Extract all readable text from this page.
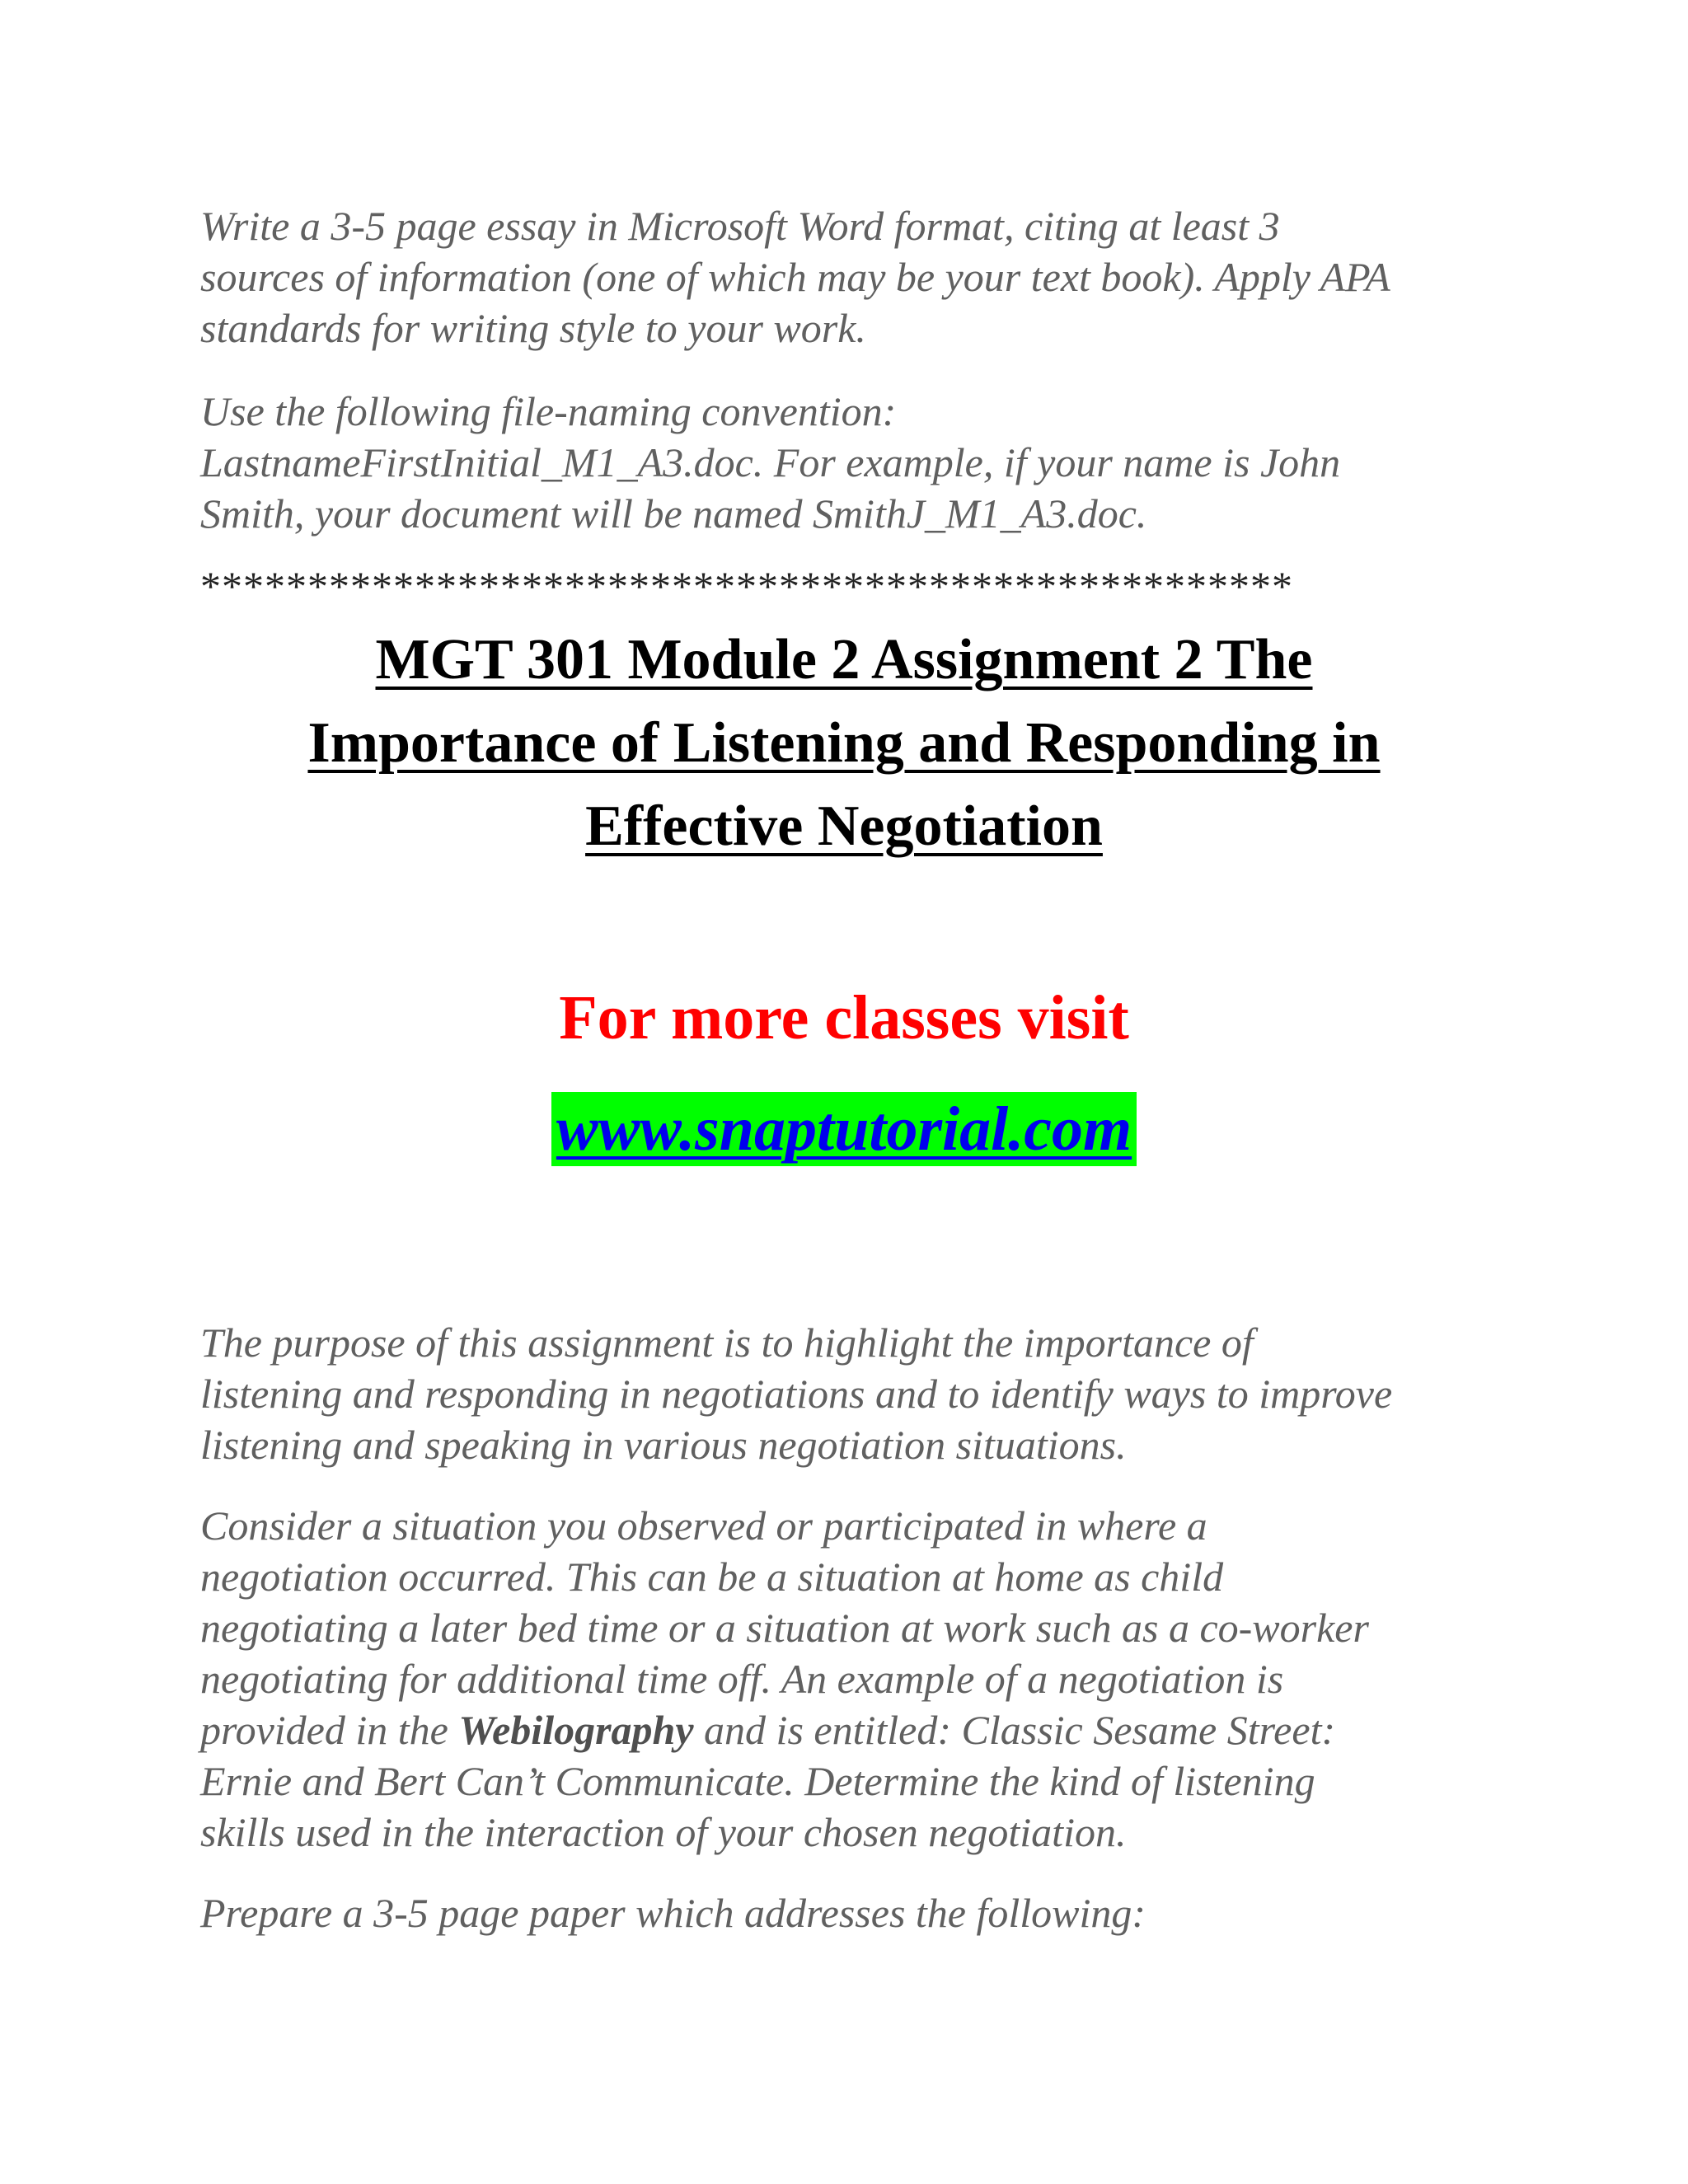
Write a 3-5 page essay in Microsoft Word format, citing at least 3
sources of information (one of which may be your text book). Apply APA
standards for writing style to your work.

Use the following file-naming convention:
LastnameFirstInitial_M1_A3.doc. For example, if your name is John
Smith, your document will be named SmithJ_M1_A3.doc.

***************************************************
MGT 301 Module 2 Assignment 2 The
Importance of Listening and Responding in
Effective Negotiation
For more classes visit
www.snaptutorial.com

The purpose of this assignment is to highlight the importance of
listening and responding in negotiations and to identify ways to improve
listening and speaking in various negotiation situations.

Consider a situation you observed or participated in where a
negotiation occurred. This can be a situation at home as child
negotiating a later bed time or a situation at work such as a co-worker
negotiating for additional time off. An example of a negotiation is
provided in the Webilography and is entitled: Classic Sesame Street:
Ernie and Bert Can’t Communicate. Determine the kind of listening
skills used in the interaction of your chosen negotiation.

Prepare a 3-5 page paper which addresses the following:
